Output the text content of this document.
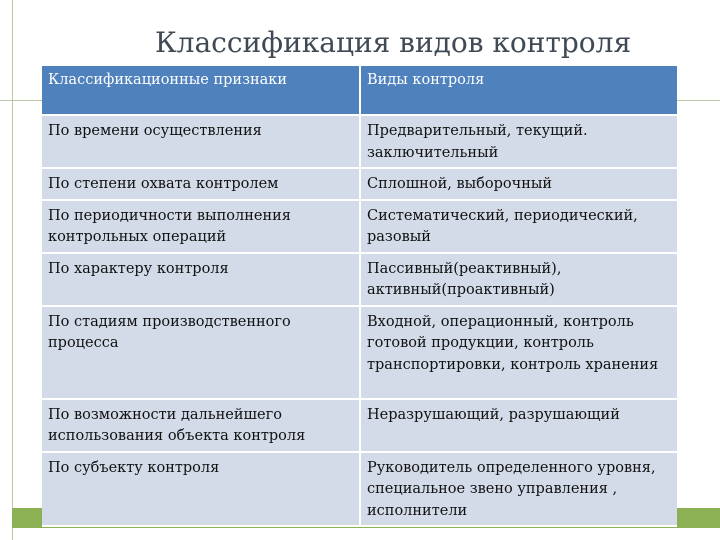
Классификация видов контроля
Классификационные признаки	Виды контроля
По времени осуществления	Предварительный, текущий. заключительный
По степени охвата контролем	Сплошной, выборочный
По периодичности выполнения контрольных операций	Систематический, периодический, разовый
По характеру контроля	Пассивный(реактивный), активный(проактивный)
По стадиям производственного процесса	Входной, операционный, контроль готовой продукции, контроль транспортировки, контроль хранения
По возможности дальнейшего использования объекта контроля	Неразрушающий, разрушающий
По субъекту контроля	Руководитель определенного уровня, специальное звено управления , исполнители
